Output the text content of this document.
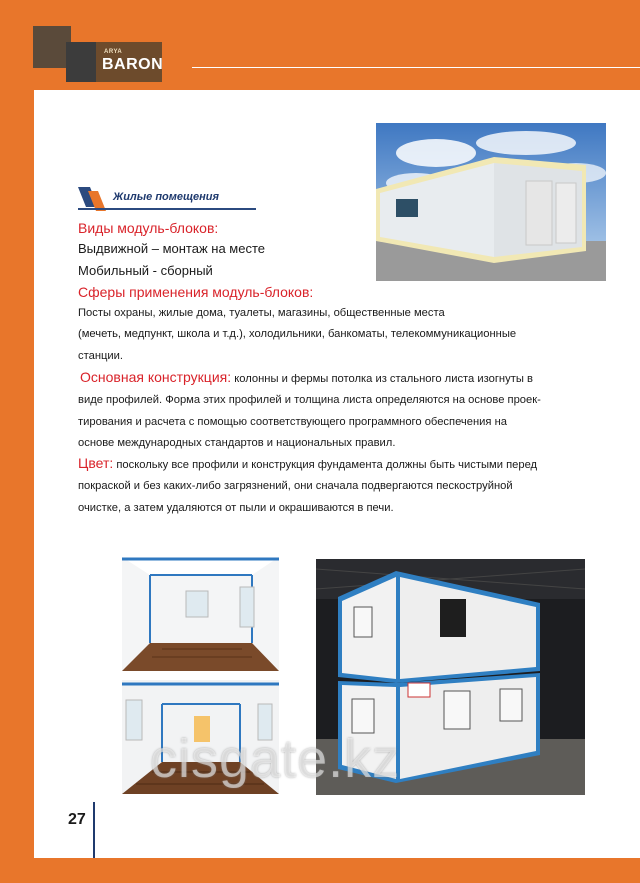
ARYA
BARON
Жилые помещения
Виды модуль-блоков:
Выдвижной – монтаж на месте
Мобильный - сборный
Сферы применения модуль-блоков:
Посты охраны, жилые дома, туалеты, магазины, общественные места
(мечеть, медпункт, школа и т.д.), холодильники, банкоматы, телекоммуникационные
станции.
Основная конструкция: колонны и фермы потолка из стального листа изогнуты в
виде профилей. Форма этих профилей и толщина листа определяются на основе проек-
тирования и расчета с помощью соответствующего программного обеспечения на
основе международных стандартов и национальных правил.
Цвет: поскольку все профили и конструкция фундамента должны быть чистыми перед
покраской и без каких-либо загрязнений, они сначала подвергаются пескоструйной
очистке, а затем удаляются от пыли и окрашиваются в печи.
cisgate.kz
27
